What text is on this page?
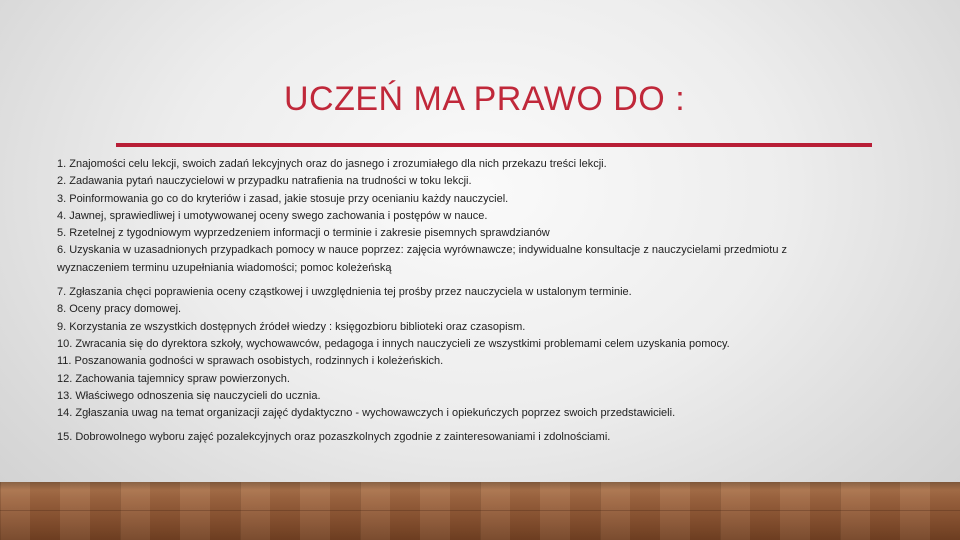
UCZEŃ MA PRAWO DO :

1. Znajomości celu lekcji, swoich zadań lekcyjnych oraz do jasnego i zrozumiałego dla nich przekazu treści lekcji.

2. Zadawania pytań nauczycielowi w przypadku natrafienia na trudności w toku lekcji.

3. Poinformowania go co do kryteriów i zasad, jakie stosuje przy ocenianiu każdy nauczyciel.

4. Jawnej, sprawiedliwej i umotywowanej oceny swego zachowania i postępów w nauce.

5. Rzetelnej z tygodniowym wyprzedzeniem informacji o terminie i zakresie pisemnych sprawdzianów

6. Uzyskania w uzasadnionych przypadkach pomocy w nauce poprzez: zajęcia wyrównawcze; indywidualne konsultacje z nauczycielami przedmiotu z wyznaczeniem terminu uzupełniania wiadomości; pomoc koleżeńską

7. Zgłaszania chęci poprawienia oceny cząstkowej i uwzględnienia tej prośby przez nauczyciela w ustalonym terminie.

8. Oceny pracy domowej.

9. Korzystania ze wszystkich dostępnych źródeł wiedzy : księgozbioru biblioteki oraz czasopism.

10. Zwracania się do dyrektora szkoły, wychowawców, pedagoga i innych nauczycieli ze wszystkimi problemami celem uzyskania pomocy.

11. Poszanowania godności w sprawach osobistych, rodzinnych i koleżeńskich.

12. Zachowania tajemnicy spraw powierzonych.

13. Właściwego odnoszenia się nauczycieli do ucznia.

14. Zgłaszania uwag na temat organizacji zajęć dydaktyczno - wychowawczych i opiekuńczych poprzez swoich przedstawicieli.

15. Dobrowolnego wyboru zajęć pozalekcyjnych oraz pozaszkolnych zgodnie z zainteresowaniami i zdolnościami.
